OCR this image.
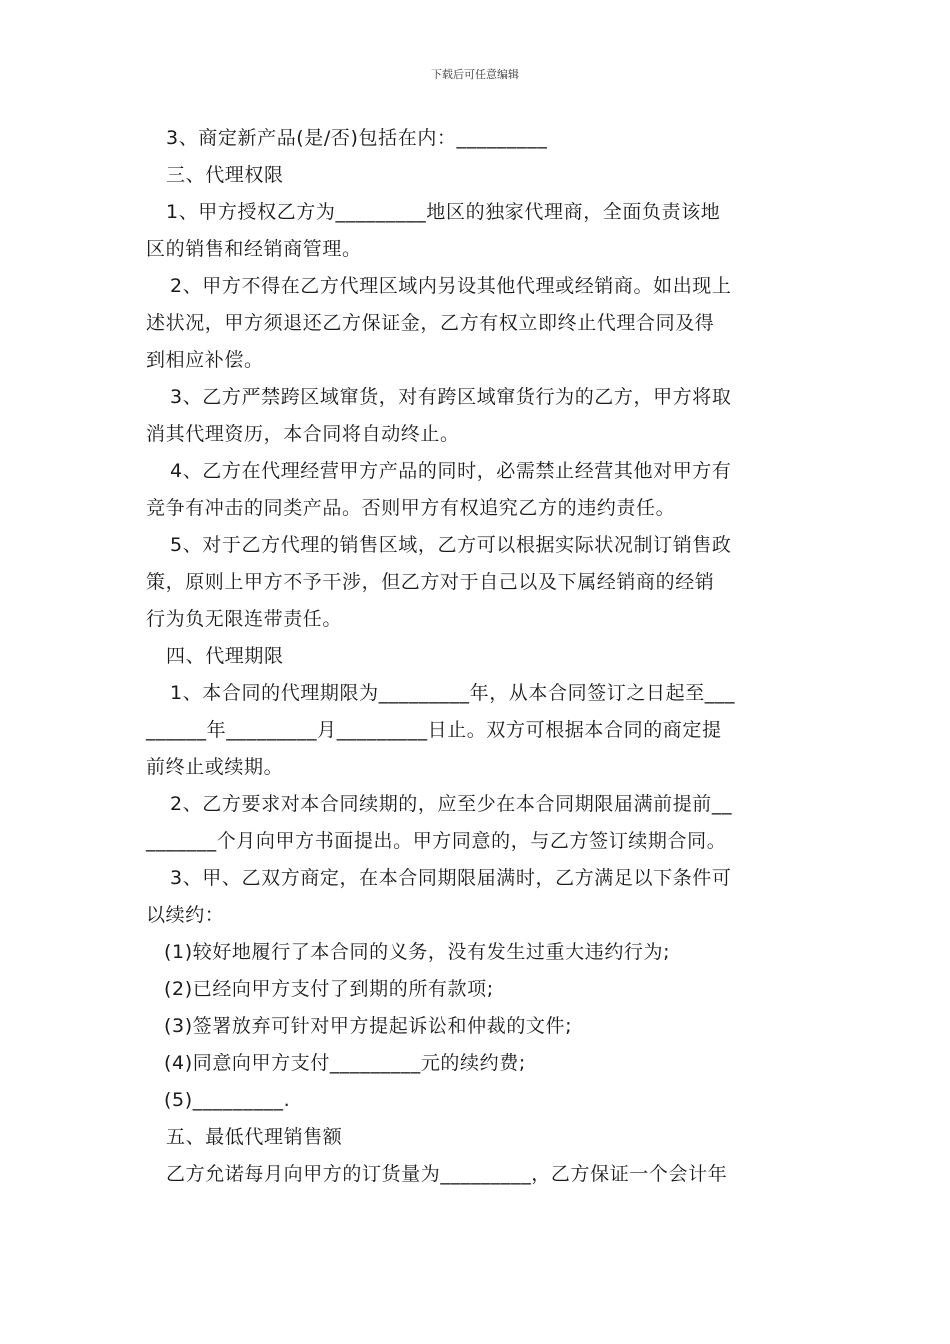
下载后可任意编辑

3、商定新产品(是/否)包括在内：_________

三、代理权限

1、甲方授权乙方为_________地区的独家代理商，全面负责该地

区的销售和经销商管理。

2、甲方不得在乙方代理区域内另设其他代理或经销商。如出现上

述状况，甲方须退还乙方保证金，乙方有权立即终止代理合同及得

到相应补偿。

3、乙方严禁跨区域窜货，对有跨区域窜货行为的乙方，甲方将取

消其代理资历，本合同将自动终止。

4、乙方在代理经营甲方产品的同时，必需禁止经营其他对甲方有

竞争有冲击的同类产品。否则甲方有权追究乙方的违约责任。

5、对于乙方代理的销售区域，乙方可以根据实际状况制订销售政

策，原则上甲方不予干涉，但乙方对于自己以及下属经销商的经销

行为负无限连带责任。

四、代理期限

1、本合同的代理期限为_________年，从本合同签订之日起至___

______年_________月_________日止。双方可根据本合同的商定提

前终止或续期。

2、乙方要求对本合同续期的，应至少在本合同期限届满前提前__

_______个月向甲方书面提出。甲方同意的，与乙方签订续期合同。

3、甲、乙双方商定，在本合同期限届满时，乙方满足以下条件可

以续约：

(1)较好地履行了本合同的义务，没有发生过重大违约行为;

(2)已经向甲方支付了到期的所有款项;

(3)签署放弃可针对甲方提起诉讼和仲裁的文件;

(4)同意向甲方支付_________元的续约费;

(5)_________.

五、最低代理销售额

乙方允诺每月向甲方的订货量为_________，乙方保证一个会计年
